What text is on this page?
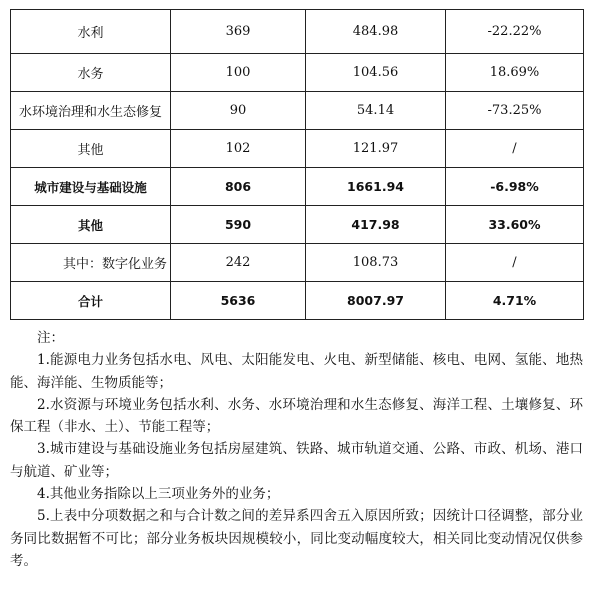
水利	369	484.98	-22.22%
水务	100	104.56	18.69%
水环境治理和水生态修复	90	54.14	-73.25%
其他	102	121.97	/
城市建设与基础设施	806	1661.94	-6.98%
其他	590	417.98	33.60%
其中：数字化业务	242	108.73	/
合计	5636	8007.97	4.71%

注：

1.能源电力业务包括水电、风电、太阳能发电、火电、新型储能、核电、电网、氢能、地热能、海洋能、生物质能等；

2.水资源与环境业务包括水利、水务、水环境治理和水生态修复、海洋工程、土壤修复、环保工程（非水、土）、节能工程等；

3.城市建设与基础设施业务包括房屋建筑、铁路、城市轨道交通、公路、市政、机场、港口与航道、矿业等；

4.其他业务指除以上三项业务外的业务；

5.上表中分项数据之和与合计数之间的差异系四舍五入原因所致；因统计口径调整，部分业务同比数据暂不可比；部分业务板块因规模较小，同比变动幅度较大，相关同比变动情况仅供参考。
